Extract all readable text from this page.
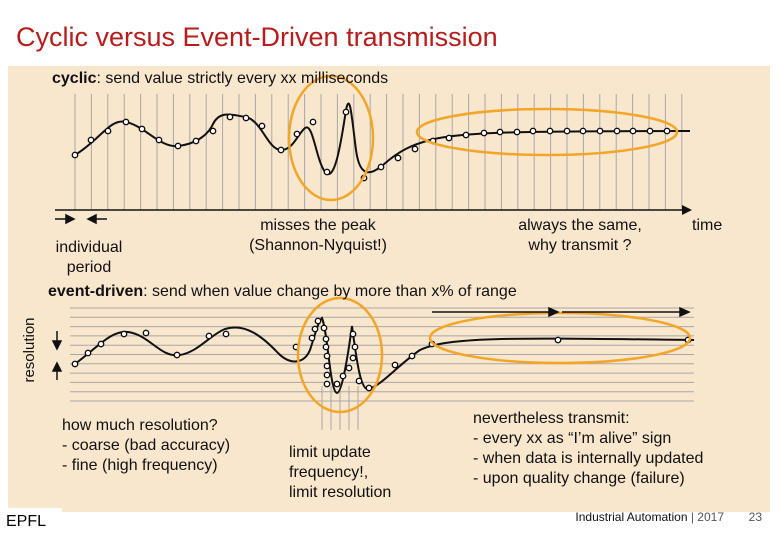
Cyclic versus Event-Driven transmission
EPFL
cyclic: send value strictly every xx milliseconds
individual
period
misses the peak
(Shannon-Nyquist!)
always the same,
why transmit ?
time
event-driven: send when value change by more than x% of range
resolution
how much resolution?
- coarse (bad accuracy)
- fine (high frequency)
limit update
frequency!,
limit resolution
nevertheless transmit:
- every xx as “I’m alive” sign
- when data is internally updated
- upon quality change (failure)
Industrial Automation | 2017 23
